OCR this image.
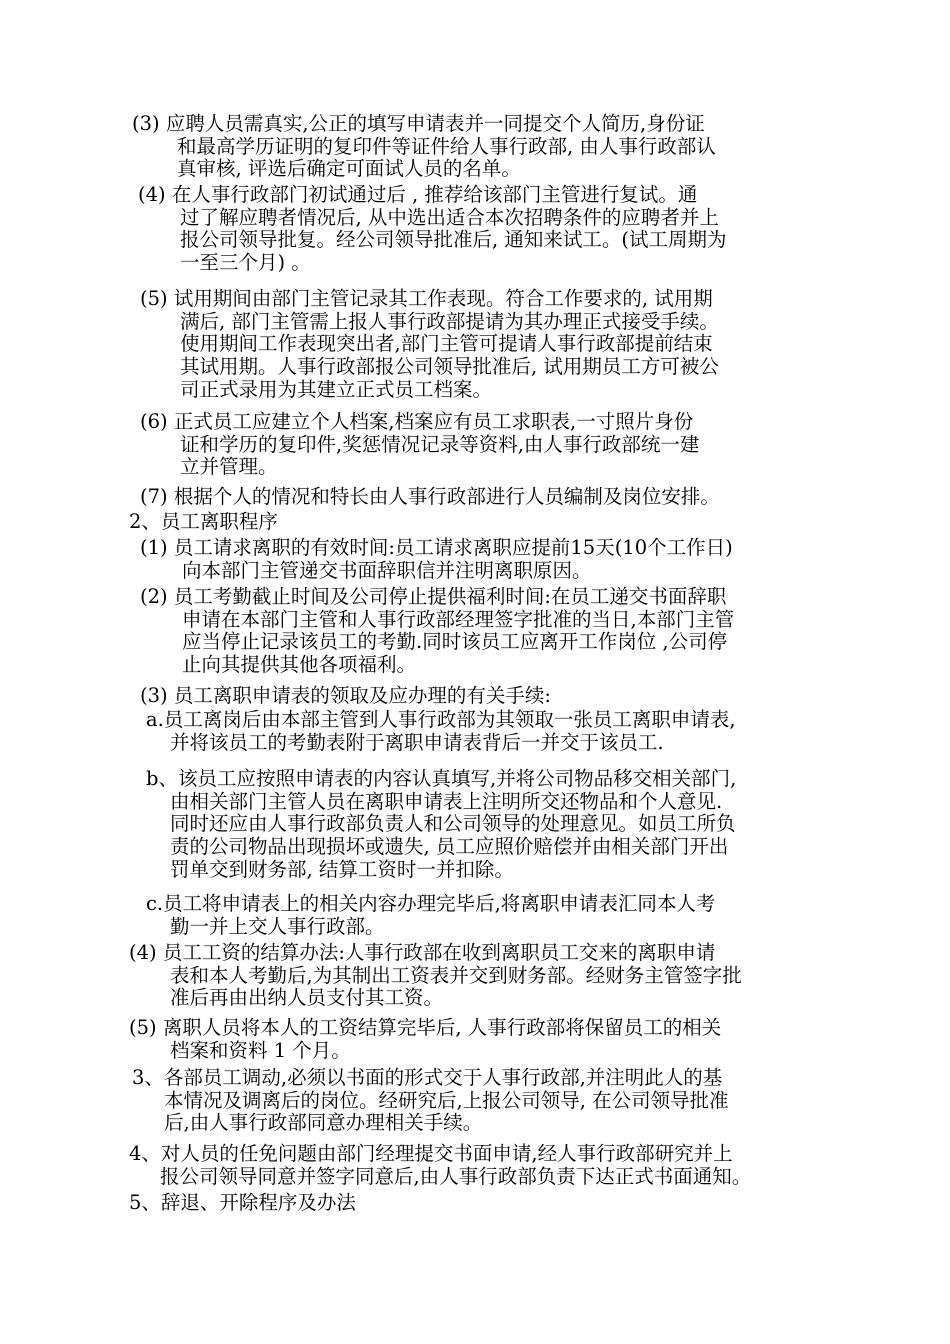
(3) 应聘人员需真实,公正的填写申请表并一同提交个人简历,身份证
和最高学历证明的复印件等证件给人事行政部, 由人事行政部认
真审核, 评选后确定可面试人员的名单。
(4) 在人事行政部门初试通过后 , 推荐给该部门主管进行复试。通
过了解应聘者情况后, 从中选出适合本次招聘条件的应聘者并上
报公司领导批复。经公司领导批准后, 通知来试工。(试工周期为
一至三个月) 。
(5) 试用期间由部门主管记录其工作表现。符合工作要求的, 试用期
满后, 部门主管需上报人事行政部提请为其办理正式接受手续。
使用期间工作表现突出者,部门主管可提请人事行政部提前结束
其试用期。人事行政部报公司领导批准后, 试用期员工方可被公
司正式录用为其建立正式员工档案。
(6) 正式员工应建立个人档案,档案应有员工求职表,一寸照片身份
证和学历的复印件,奖惩情况记录等资料,由人事行政部统一建
立并管理。
(7) 根据个人的情况和特长由人事行政部进行人员编制及岗位安排。
2、员工离职程序
(1) 员工请求离职的有效时间:员工请求离职应提前15天(10个工作日)
向本部门主管递交书面辞职信并注明离职原因。
(2) 员工考勤截止时间及公司停止提供福利时间:在员工递交书面辞职
申请在本部门主管和人事行政部经理签字批准的当日,本部门主管
应当停止记录该员工的考勤.同时该员工应离开工作岗位 ,公司停
止向其提供其他各项福利。
(3) 员工离职申请表的领取及应办理的有关手续:
a.员工离岗后由本部主管到人事行政部为其领取一张员工离职申请表,
并将该员工的考勤表附于离职申请表背后一并交于该员工.
b、该员工应按照申请表的内容认真填写,并将公司物品移交相关部门,
由相关部门主管人员在离职申请表上注明所交还物品和个人意见.
同时还应由人事行政部负责人和公司领导的处理意见。如员工所负
责的公司物品出现损坏或遗失, 员工应照价赔偿并由相关部门开出
罚单交到财务部, 结算工资时一并扣除。
c.员工将申请表上的相关内容办理完毕后,将离职申请表汇同本人考
勤一并上交人事行政部。
(4) 员工工资的结算办法:人事行政部在收到离职员工交来的离职申请
表和本人考勤后,为其制出工资表并交到财务部。经财务主管签字批
准后再由出纳人员支付其工资。
(5) 离职人员将本人的工资结算完毕后, 人事行政部将保留员工的相关
档案和资料 1 个月。
3、各部员工调动,必须以书面的形式交于人事行政部,并注明此人的基
本情况及调离后的岗位。经研究后,上报公司领导, 在公司领导批准
后,由人事行政部同意办理相关手续。
4、对人员的任免问题由部门经理提交书面申请,经人事行政部研究并上
报公司领导同意并签字同意后,由人事行政部负责下达正式书面通知。
5、辞退、开除程序及办法
